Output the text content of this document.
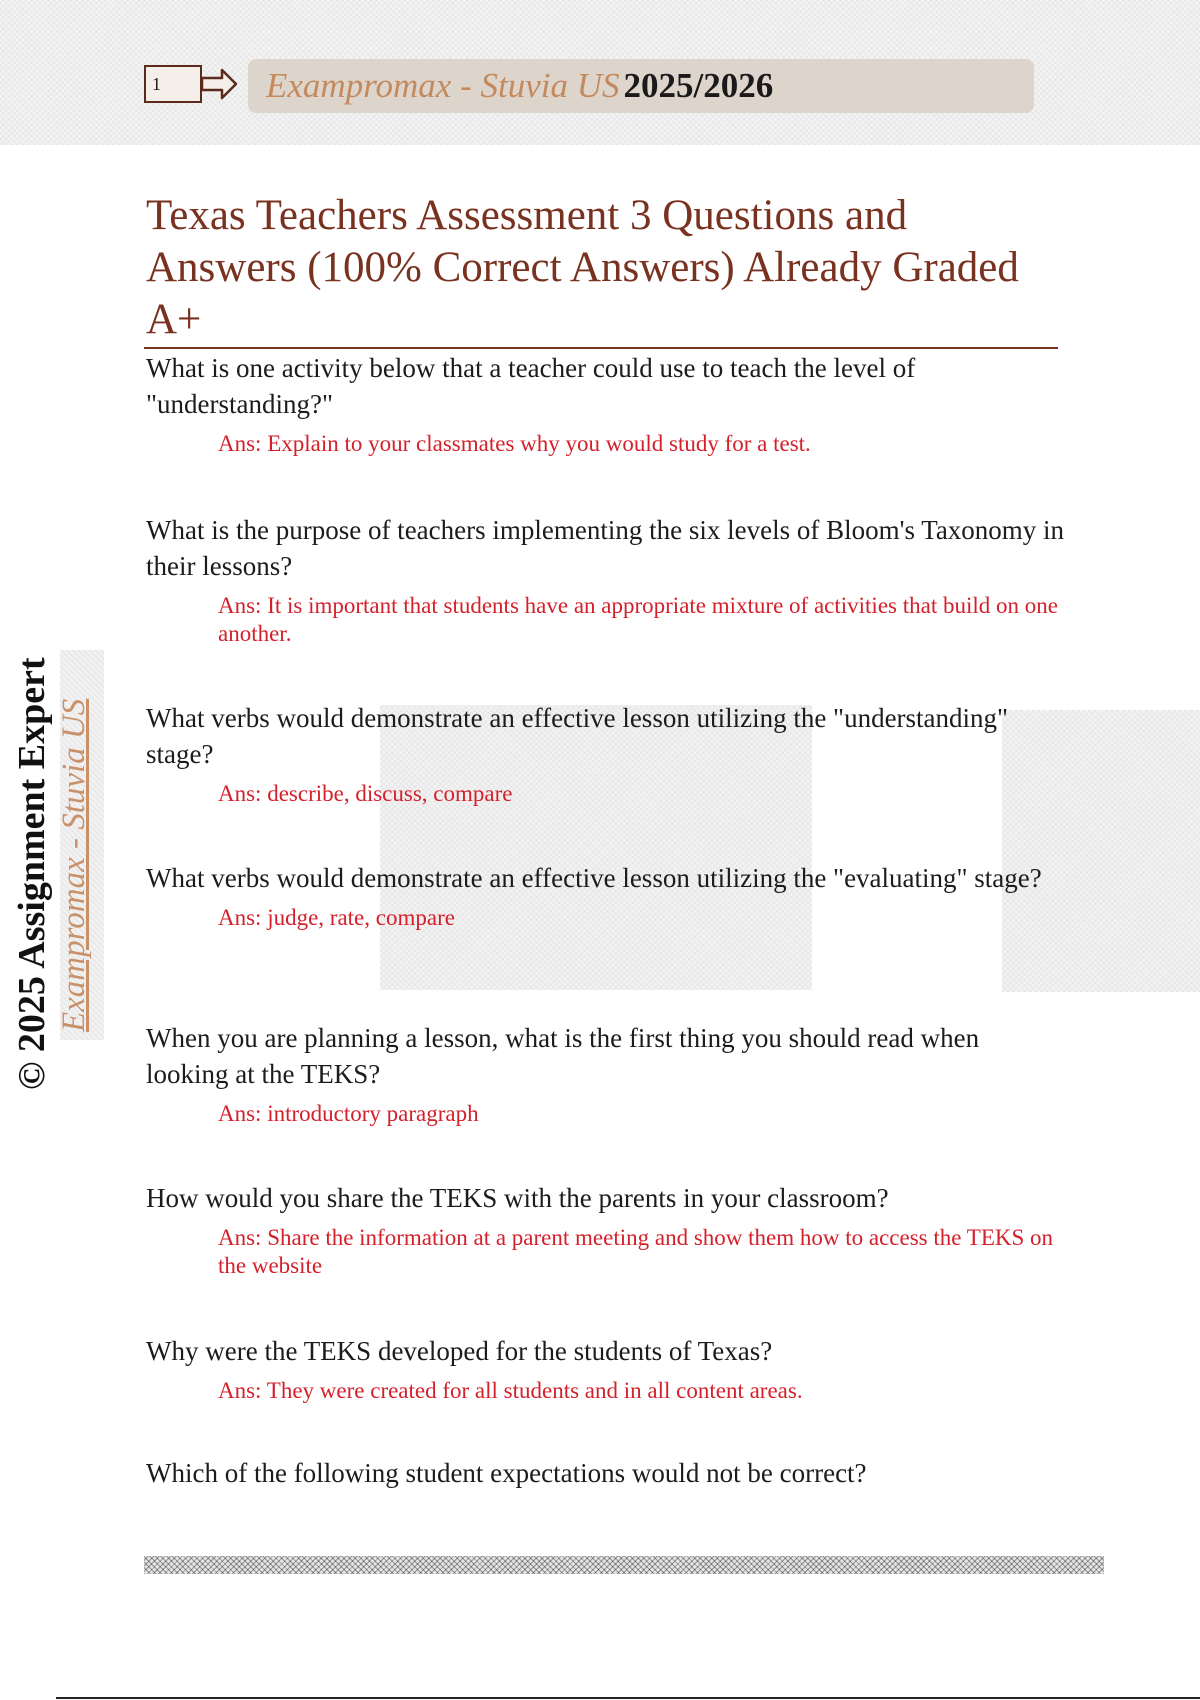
1	Exampromax - Stuvia US 2025/2026
Texas Teachers Assessment 3 Questions and Answers (100% Correct Answers) Already Graded A+
© 2025 Assignment Expert Exampromax - Stuvia US

What is one activity below that a teacher could use to teach the level of "understanding?"

Ans: Explain to your classmates why you would study for a test.

What is the purpose of teachers implementing the six levels of Bloom's Taxonomy in their lessons?

Ans: It is important that students have an appropriate mixture of activities that build on one another.

What verbs would demonstrate an effective lesson utilizing the "understanding" stage?

Ans: describe, discuss, compare

What verbs would demonstrate an effective lesson utilizing the "evaluating" stage?

Ans: judge, rate, compare

When you are planning a lesson, what is the first thing you should read when looking at the TEKS?

Ans: introductory paragraph

How would you share the TEKS with the parents in your classroom?

Ans: Share the information at a parent meeting and show them how to access the TEKS on the website

Why were the TEKS developed for the students of Texas?

Ans: They were created for all students and in all content areas.

Which of the following student expectations would not be correct?
